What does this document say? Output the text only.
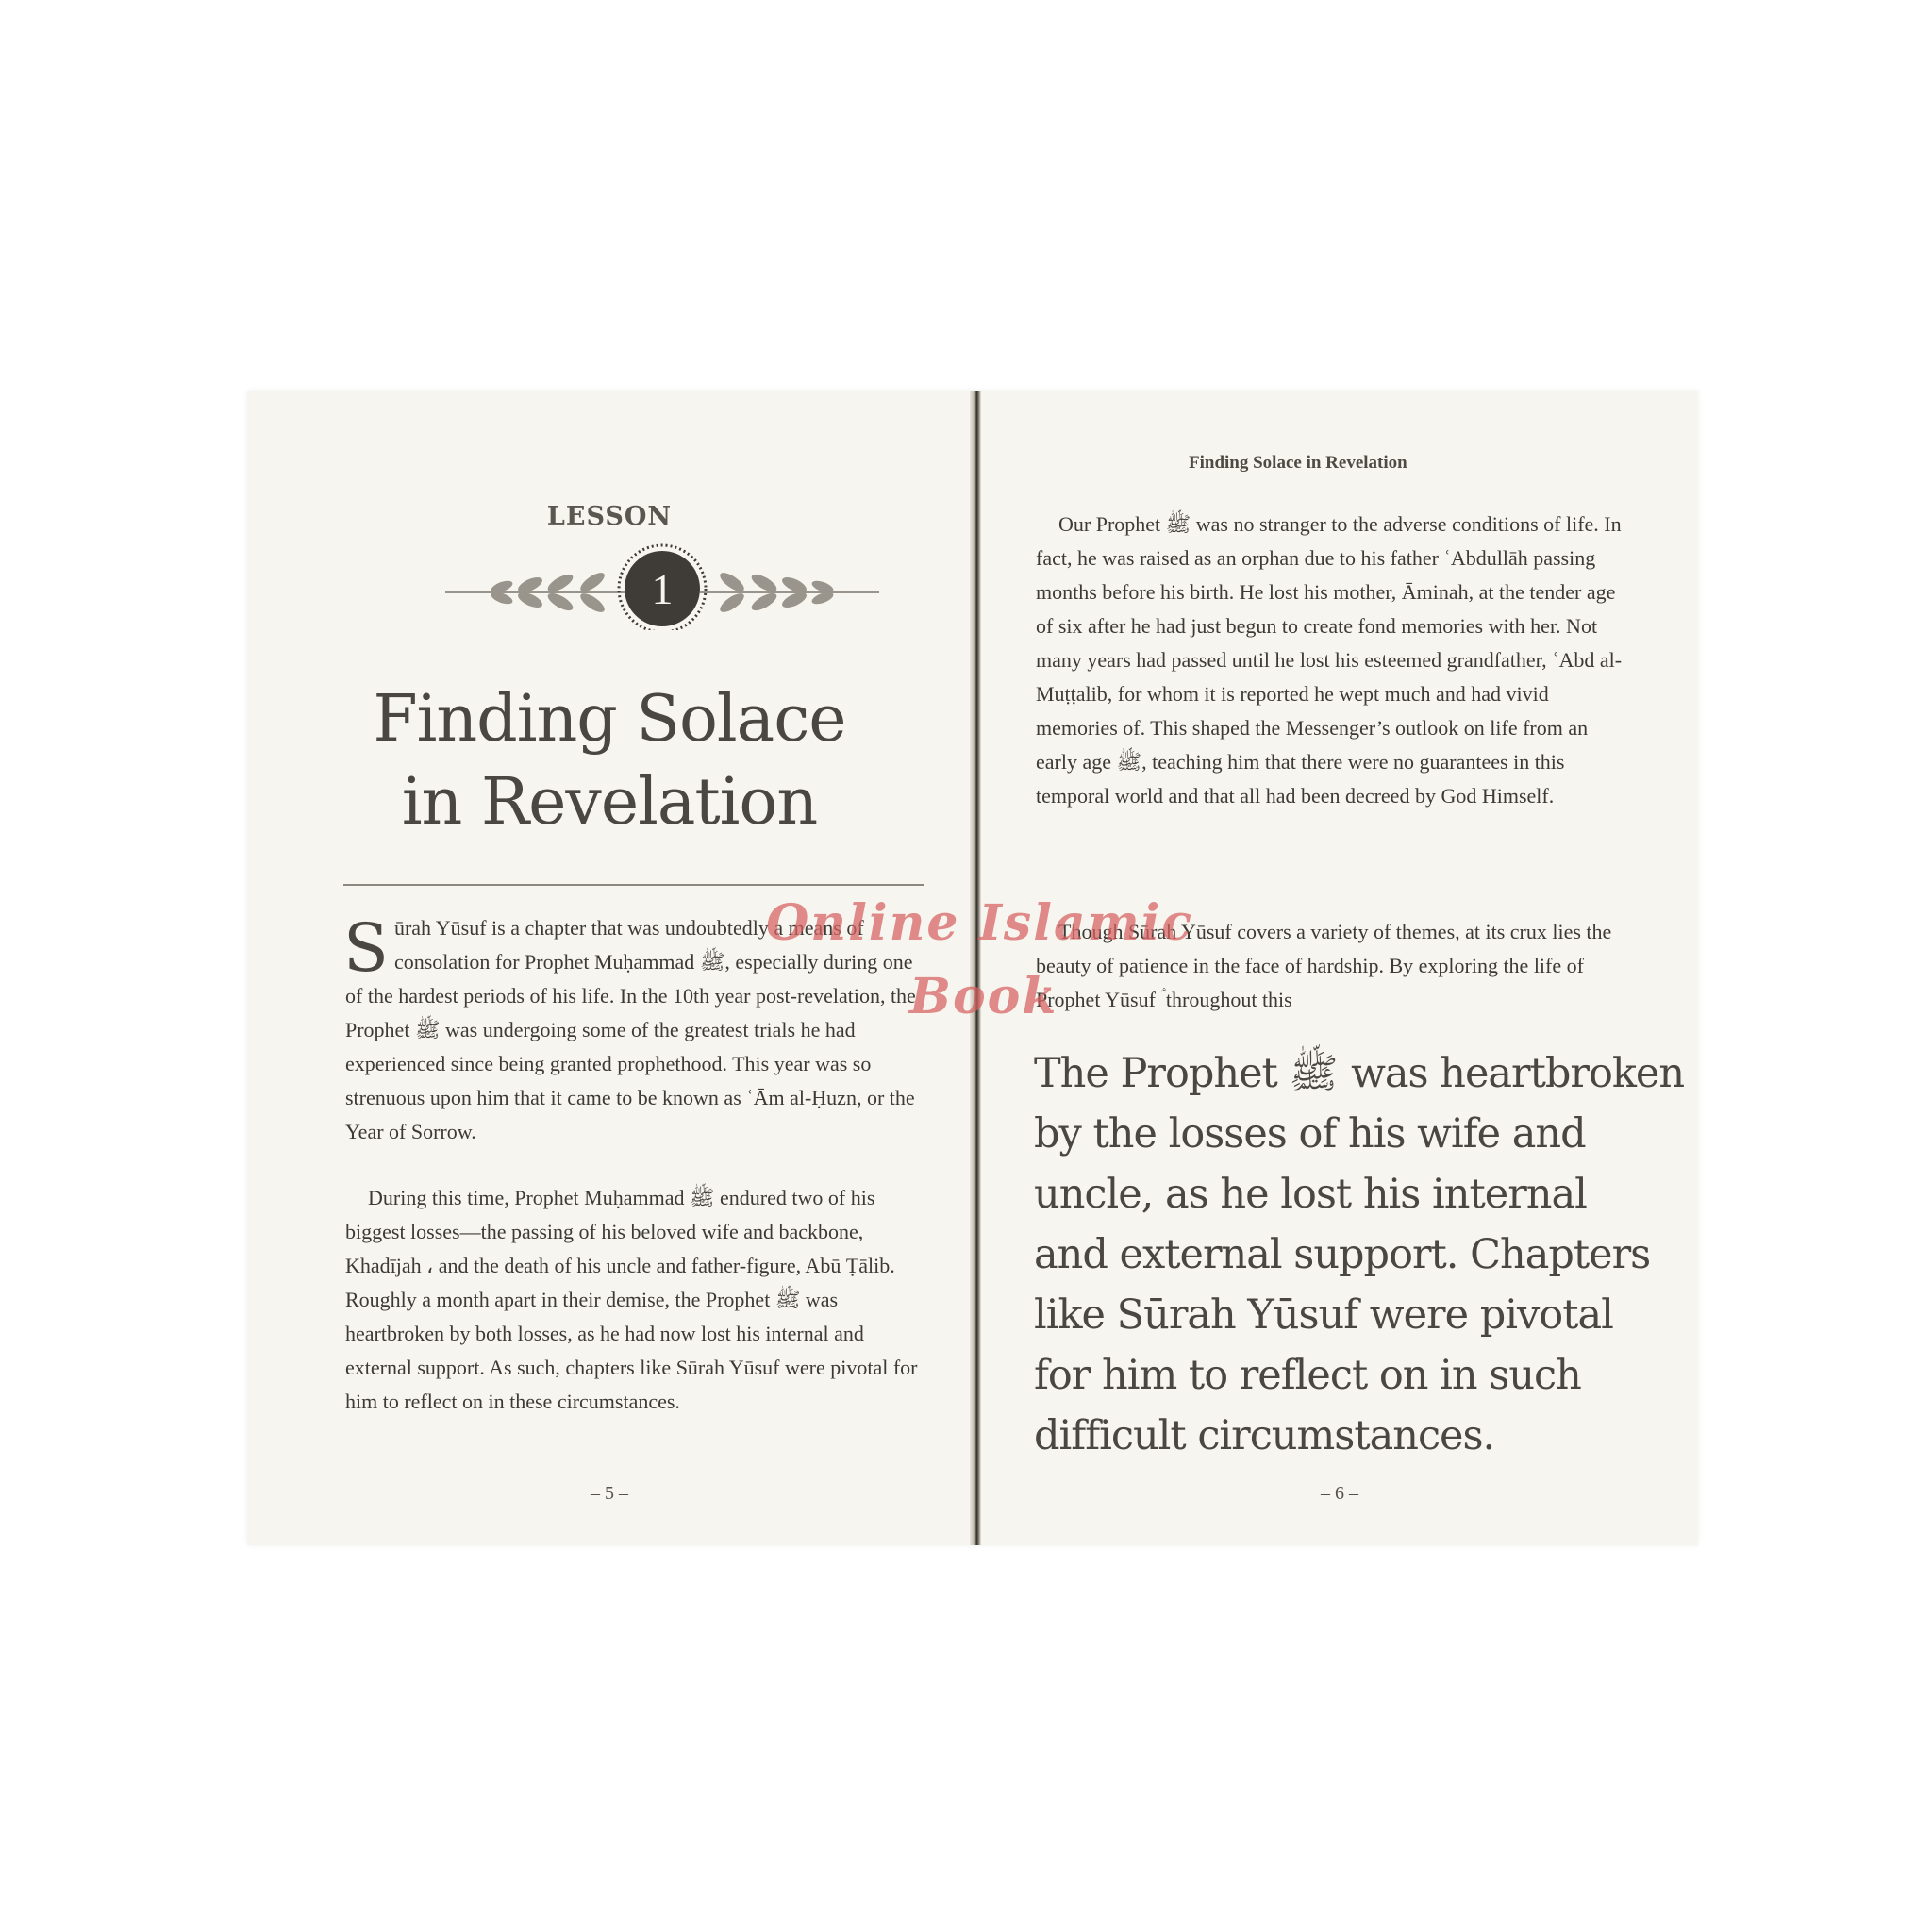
LESSON
1
Finding Solace
in Revelation
S ūrah Yūsuf is a chapter that was undoubtedly a means of consolation for Prophet Muḥammad ﷺ, especially during one of the hardest periods of his life. In the 10th year post-revelation, the Prophet ﷺ was undergoing some of the greatest trials he had experienced since being granted prophethood. This year was so strenuous upon him that it came to be known as ʿĀm al-Ḥuzn, or the Year of Sorrow.

During this time, Prophet Muḥammad ﷺ endured two of his biggest losses—the passing of his beloved wife and backbone, Khadījah ، and the death of his uncle and father-figure, Abū Ṭālib. Roughly a month apart in their demise, the Prophet ﷺ was heartbroken by both losses, as he had now lost his internal and external support. As such, chapters like Sūrah Yūsuf were pivotal for him to reflect on in these circumstances.

– 5 –
Finding Solace in Revelation

Our Prophet ﷺ was no stranger to the adverse conditions of life. In fact, he was raised as an orphan due to his father ʿAbdullāh passing months before his birth. He lost his mother, Āminah, at the tender age of six after he had just begun to create fond memories with her. Not many years had passed until he lost his esteemed grandfather, ʿAbd al-Muṭṭalib, for whom it is reported he wept much and had vivid memories of. This shaped the Messenger’s outlook on life from an early age ﷺ, teaching him that there were no guarantees in this temporal world and that all had been decreed by God Himself.

Though Sūrah Yūsuf covers a variety of themes, at its crux lies the beauty of patience in the face of hardship. By exploring the life of Prophet Yūsuf ؑ throughout this

The Prophet ﷺ was heartbroken
by the losses of his wife and
uncle, as he lost his internal
and external support. Chapters
like Sūrah Yūsuf were pivotal
for him to reflect on in such
difficult circumstances.
– 6 –
Online Islamic
Book
